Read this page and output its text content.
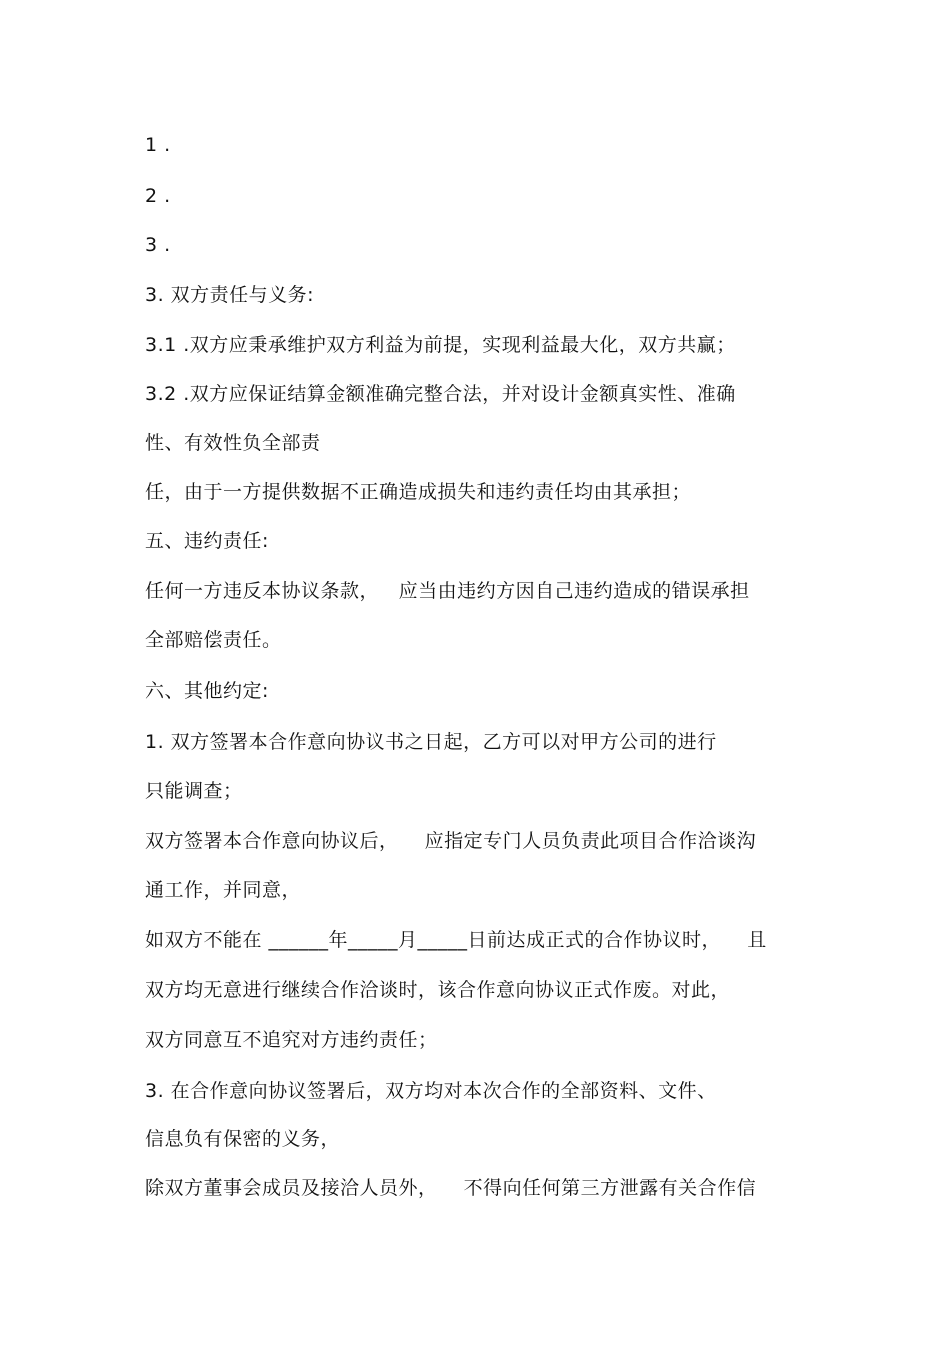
1 .
2 .
3 .
3. 双方责任与义务:
3.1 .双方应秉承维护双方利益为前提，实现利益最大化，双方共赢；
3.2 .双方应保证结算金额准确完整合法，并对设计金额真实性、准确
性、有效性负全部责
任，由于一方提供数据不正确造成损失和违约责任均由其承担；
五、违约责任:
任何一方违反本协议条款，   应当由违约方因自己违约造成的错误承担
全部赔偿责任。
六、其他约定:
1. 双方签署本合作意向协议书之日起，乙方可以对甲方公司的进行
只能调查；
双方签署本合作意向协议后，    应指定专门人员负责此项目合作洽谈沟
通工作，并同意，
如双方不能在 ______年_____月_____日前达成正式的合作协议时，    且
双方均无意进行继续合作洽谈时，该合作意向协议正式作废。对此，
双方同意互不追究对方违约责任；
3. 在合作意向协议签署后，双方均对本次合作的全部资料、文件、
信息负有保密的义务，
除双方董事会成员及接洽人员外，    不得向任何第三方泄露有关合作信
